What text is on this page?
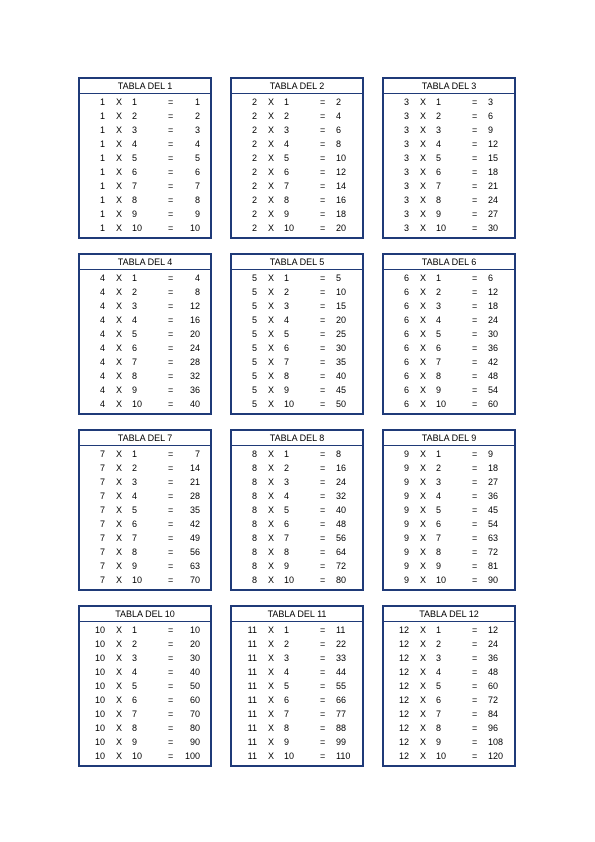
TABLA DEL 1
1 X 1	= 1
1 X 2	= 2
1 X 3	= 3
1 X 4	= 4
1 X 5	= 5
1 X 6	= 6
1 X 7	= 7
1 X 8	= 8
1 X 9	= 9
1 X 10	= 10
TABLA DEL 2
2 X 1	= 2
2 X 2	= 4
2 X 3	= 6
2 X 4	= 8
2 X 5	= 10
2 X 6	= 12
2 X 7	= 14
2 X 8	= 16
2 X 9	= 18
2 X 10	= 20
TABLA DEL 3
3 X 1	= 3
3 X 2	= 6
3 X 3	= 9
3 X 4	= 12
3 X 5	= 15
3 X 6	= 18
3 X 7	= 21
3 X 8	= 24
3 X 9	= 27
3 X 10	= 30
TABLA DEL 4
4 X 1	= 4
4 X 2	= 8
4 X 3	= 12
4 X 4	= 16
4 X 5	= 20
4 X 6	= 24
4 X 7	= 28
4 X 8	= 32
4 X 9	= 36
4 X 10	= 40
TABLA DEL 5
5 X 1	= 5
5 X 2	= 10
5 X 3	= 15
5 X 4	= 20
5 X 5	= 25
5 X 6	= 30
5 X 7	= 35
5 X 8	= 40
5 X 9	= 45
5 X 10	= 50
TABLA DEL 6
6 X 1	= 6
6 X 2	= 12
6 X 3	= 18
6 X 4	= 24
6 X 5	= 30
6 X 6	= 36
6 X 7	= 42
6 X 8	= 48
6 X 9	= 54
6 X 10	= 60
TABLA DEL 7
7 X 1	= 7
7 X 2	= 14
7 X 3	= 21
7 X 4	= 28
7 X 5	= 35
7 X 6	= 42
7 X 7	= 49
7 X 8	= 56
7 X 9	= 63
7 X 10	= 70
TABLA DEL 8
8 X 1	= 8
8 X 2	= 16
8 X 3	= 24
8 X 4	= 32
8 X 5	= 40
8 X 6	= 48
8 X 7	= 56
8 X 8	= 64
8 X 9	= 72
8 X 10	= 80
TABLA DEL 9
9 X 1	= 9
9 X 2	= 18
9 X 3	= 27
9 X 4	= 36
9 X 5	= 45
9 X 6	= 54
9 X 7	= 63
9 X 8	= 72
9 X 9	= 81
9 X 10	= 90
TABLA DEL 10
10 X 1	= 10
10 X 2	= 20
10 X 3	= 30
10 X 4	= 40
10 X 5	= 50
10 X 6	= 60
10 X 7	= 70
10 X 8	= 80
10 X 9	= 90
10 X 10	= 100
TABLA DEL 11
11 X 1	= 11
11 X 2	= 22
11 X 3	= 33
11 X 4	= 44
11 X 5	= 55
11 X 6	= 66
11 X 7	= 77
11 X 8	= 88
11 X 9	= 99
11 X 10	= 110
TABLA DEL 12
12 X 1	= 12
12 X 2	= 24
12 X 3	= 36
12 X 4	= 48
12 X 5	= 60
12 X 6	= 72
12 X 7	= 84
12 X 8	= 96
12 X 9	= 108
12 X 10	= 120
